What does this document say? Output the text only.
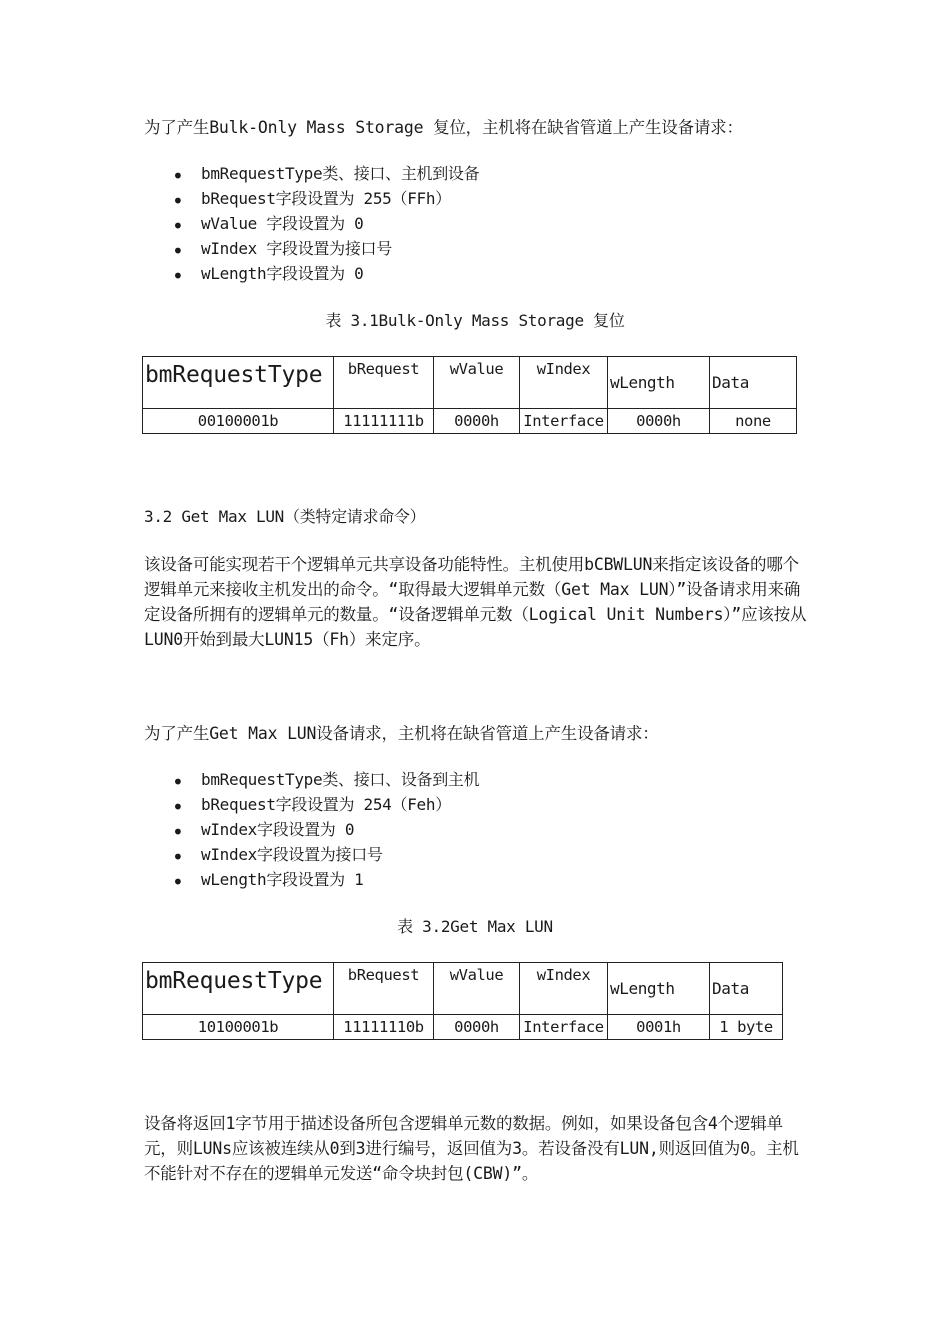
为了产生Bulk-Only Mass Storage 复位，主机将在缺省管道上产生设备请求：

• bmRequestType类、接口、主机到设备
• bRequest字段设置为 255（FFh）
• wValue 字段设置为 0
• wIndex 字段设置为接口号
• wLength字段设置为 0
表 3.1Bulk-Only Mass Storage 复位
bmRequestType	bRequest	wValue	wIndex	wLength	Data
00100001b	11111111b	0000h	Interface	0000h	none
3.2 Get Max LUN（类特定请求命令）

该设备可能实现若干个逻辑单元共享设备功能特性。主机使用bCBWLUN来指定该设备的哪个逻辑单元来接收主机发出的命令。“取得最大逻辑单元数（Get Max LUN）”设备请求用来确定设备所拥有的逻辑单元的数量。“设备逻辑单元数（Logical Unit Numbers）”应该按从LUN0开始到最大LUN15（Fh）来定序。

为了产生Get Max LUN设备请求，主机将在缺省管道上产生设备请求：

• bmRequestType类、接口、设备到主机
• bRequest字段设置为 254（Feh）
• wIndex字段设置为 0
• wIndex字段设置为接口号
• wLength字段设置为 1
表 3.2Get Max LUN
bmRequestType	bRequest	wValue	wIndex	wLength	Data
10100001b	11111110b	0000h	Interface	0001h	1 byte

设备将返回1字节用于描述设备所包含逻辑单元数的数据。例如，如果设备包含4个逻辑单元，则LUNs应该被连续从0到3进行编号，返回值为3。若设备没有LUN,则返回值为0。主机不能针对不存在的逻辑单元发送“命令块封包(CBW)”。
